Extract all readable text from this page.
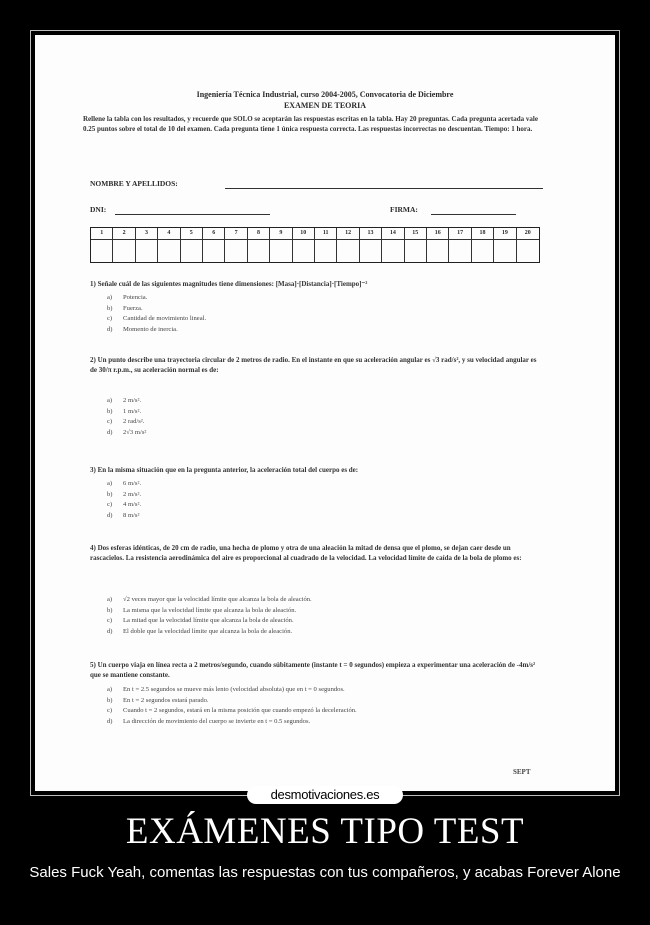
Ingeniería Técnica Industrial, curso 2004-2005, Convocatoria de Diciembre
EXAMEN DE TEORIA
Rellene la tabla con los resultados, y recuerde que SOLO se aceptarán las respuestas escritas en la tabla. Hay 20 preguntas. Cada pregunta acertada vale 0.25 puntos sobre el total de 10 del examen. Cada pregunta tiene 1 única respuesta correcta. Las respuestas incorrectas no descuentan. Tiempo: 1 hora.
NOMBRE Y APELLIDOS:
DNI:	FIRMA:
1	2	3	4	5	6	7	8	9	10	11	12	13	14	15	16	17	18	19	20
1) Señale cuál de las siguientes magnitudes tiene dimensiones: [Masa]·[Distancia]·[Tiempo]⁻²
a) Potencia.
b) Fuerza.
c) Cantidad de movimiento lineal.
d) Momento de inercia.
2) Un punto describe una trayectoria circular de 2 metros de radio. En el instante en que su aceleración angular es √3 rad/s², y su velocidad angular es de 30/π r.p.m., su aceleración normal es de:
a) 2 m/s².
b) 1 m/s².
c) 2 rad/s².
d) 2√3 m/s²
3) En la misma situación que en la pregunta anterior, la aceleración total del cuerpo es de:
a) 6 m/s².
b) 2 m/s².
c) 4 m/s².
d) 8 m/s²
4) Dos esferas idénticas, de 20 cm de radio, una hecha de plomo y otra de una aleación la mitad de densa que el plomo, se dejan caer desde un rascacielos. La resistencia aerodinámica del aire es proporcional al cuadrado de la velocidad. La velocidad límite de caída de la bola de plomo es:
a) √2 veces mayor que la velocidad límite que alcanza la bola de aleación.
b) La misma que la velocidad límite que alcanza la bola de aleación.
c) La mitad que la velocidad límite que alcanza la bola de aleación.
d) El doble que la velocidad límite que alcanza la bola de aleación.
5) Un cuerpo viaja en línea recta a 2 metros/segundo, cuando súbitamente (instante t = 0 segundos) empieza a experimentar una aceleración de -4m/s² que se mantiene constante.
a) En t = 2.5 segundos se mueve más lento (velocidad absoluta) que en t = 0 segundos.
b) En t = 2 segundos estará parado.
c) Cuando t = 2 segundos, estará en la misma posición que cuando empezó la deceleración.
d) La dirección de movimiento del cuerpo se invierte en t = 0.5 segundos.
SEPT
desmotivaciones.es
EXÁMENES TIPO TEST
Sales Fuck Yeah, comentas las respuestas con tus compañeros, y acabas Forever Alone
